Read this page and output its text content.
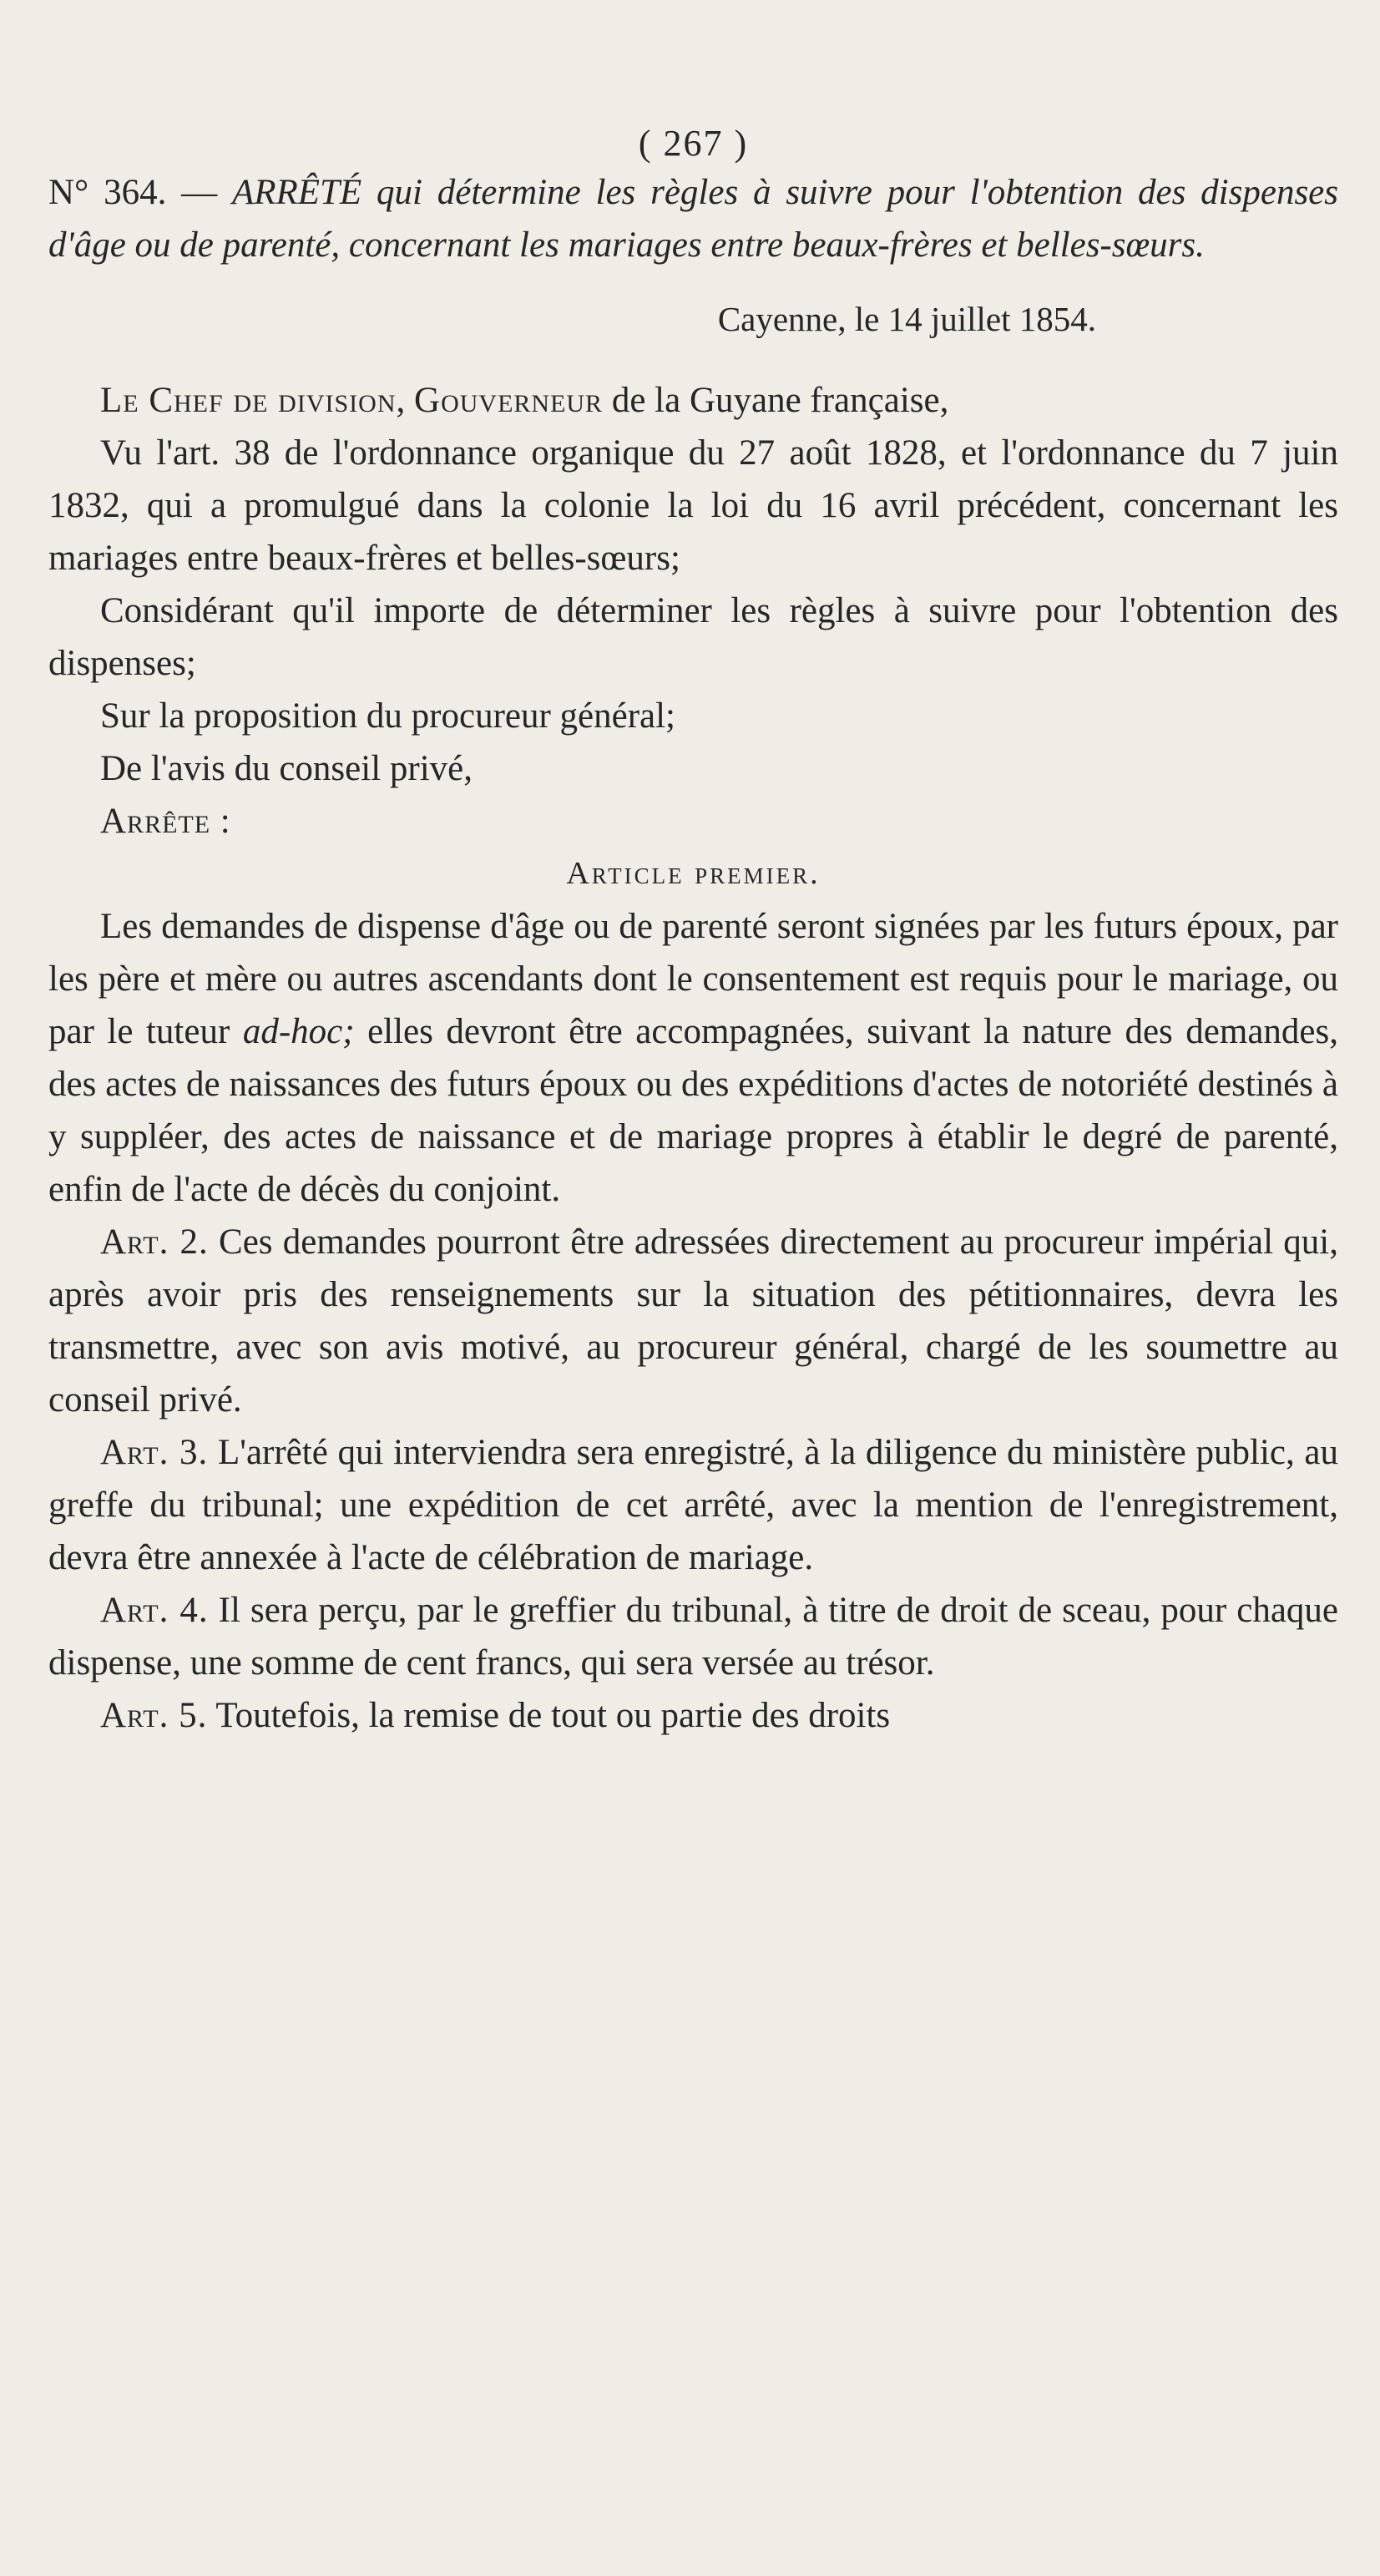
( 267 )

N° 364. — ARRÊTÉ qui détermine les règles à suivre pour l'obtention des dispenses d'âge ou de parenté, concernant les mariages entre beaux-frères et belles-sœurs.

Cayenne, le 14 juillet 1854.

Le Chef de division, Gouverneur de la Guyane française,

Vu l'art. 38 de l'ordonnance organique du 27 août 1828, et l'ordonnance du 7 juin 1832, qui a promulgué dans la colonie la loi du 16 avril précédent, concernant les mariages entre beaux-frères et belles-sœurs;

Considérant qu'il importe de déterminer les règles à suivre pour l'obtention des dispenses;

Sur la proposition du procureur général;

De l'avis du conseil privé,

Arrête :

Article premier.

Les demandes de dispense d'âge ou de parenté seront signées par les futurs époux, par les père et mère ou autres ascendants dont le consentement est requis pour le mariage, ou par le tuteur ad-hoc; elles devront être accompagnées, suivant la nature des demandes, des actes de naissances des futurs époux ou des expéditions d'actes de notoriété destinés à y suppléer, des actes de naissance et de mariage propres à établir le degré de parenté, enfin de l'acte de décès du conjoint.

Art. 2. Ces demandes pourront être adressées directement au procureur impérial qui, après avoir pris des renseignements sur la situation des pétitionnaires, devra les transmettre, avec son avis motivé, au procureur général, chargé de les soumettre au conseil privé.

Art. 3. L'arrêté qui interviendra sera enregistré, à la diligence du ministère public, au greffe du tribunal; une expédition de cet arrêté, avec la mention de l'enregistrement, devra être annexée à l'acte de célébration de mariage.

Art. 4. Il sera perçu, par le greffier du tribunal, à titre de droit de sceau, pour chaque dispense, une somme de cent francs, qui sera versée au trésor.

Art. 5. Toutefois, la remise de tout ou partie des droits
